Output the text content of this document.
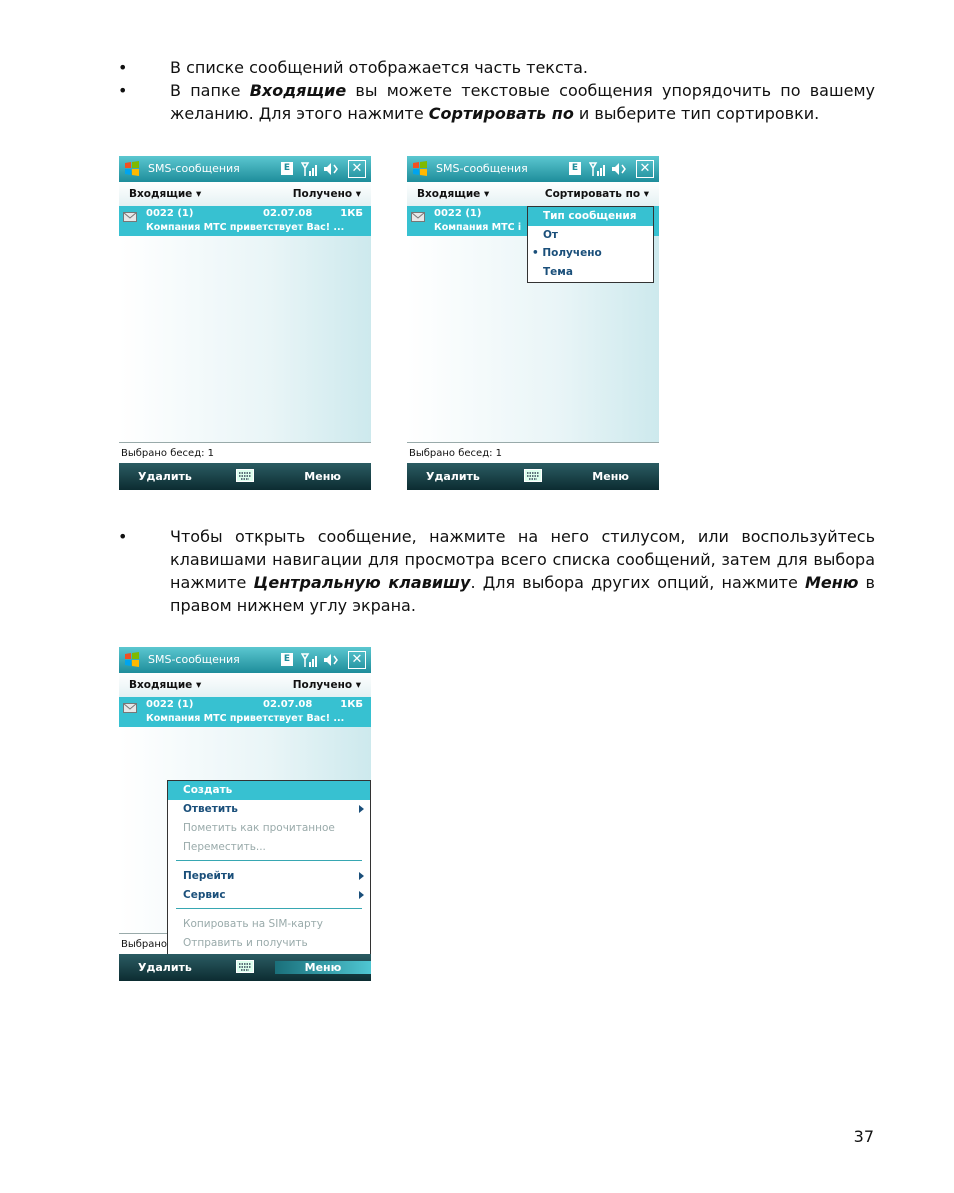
•	В списке сообщений отображается часть текста.
•	В папке Входящие вы можете текстовые сообщения упорядочить по вашему желанию. Для этого нажмите Сортировать по и выберите тип сортировки.
•	Чтобы открыть сообщение, нажмите на него стилусом, или воспользуйтесь клавишами навигации для просмотра всего списка сообщений, затем для выбора нажмите Центральную клавишу. Для выбора других опций, нажмите Меню в правом нижнем углу экрана.
37
SMS-сообщения	E	✕
Входящие ▾	Получено ▾
0022 (1)	02.07.08	1КБ
Компания МТС приветствует Вас! ...
Выбрано бесед: 1
Удалить	Меню
SMS-сообщения	E	✕
Входящие ▾	Сортировать по ▾
0022 (1)
Компания МТС і
Тип сообщения
От
• Получено
Тема
Выбрано бесед: 1
Удалить	Меню
SMS-сообщения	E	✕
Входящие ▾	Получено ▾
0022 (1)	02.07.08	1КБ
Компания МТС приветствует Вас! ...
Выбрано
Создать
Ответить
Пометить как прочитанное
Переместить...
Перейти
Сервис
Копировать на SIM-карту
Отправить и получить
Удалить	Меню
